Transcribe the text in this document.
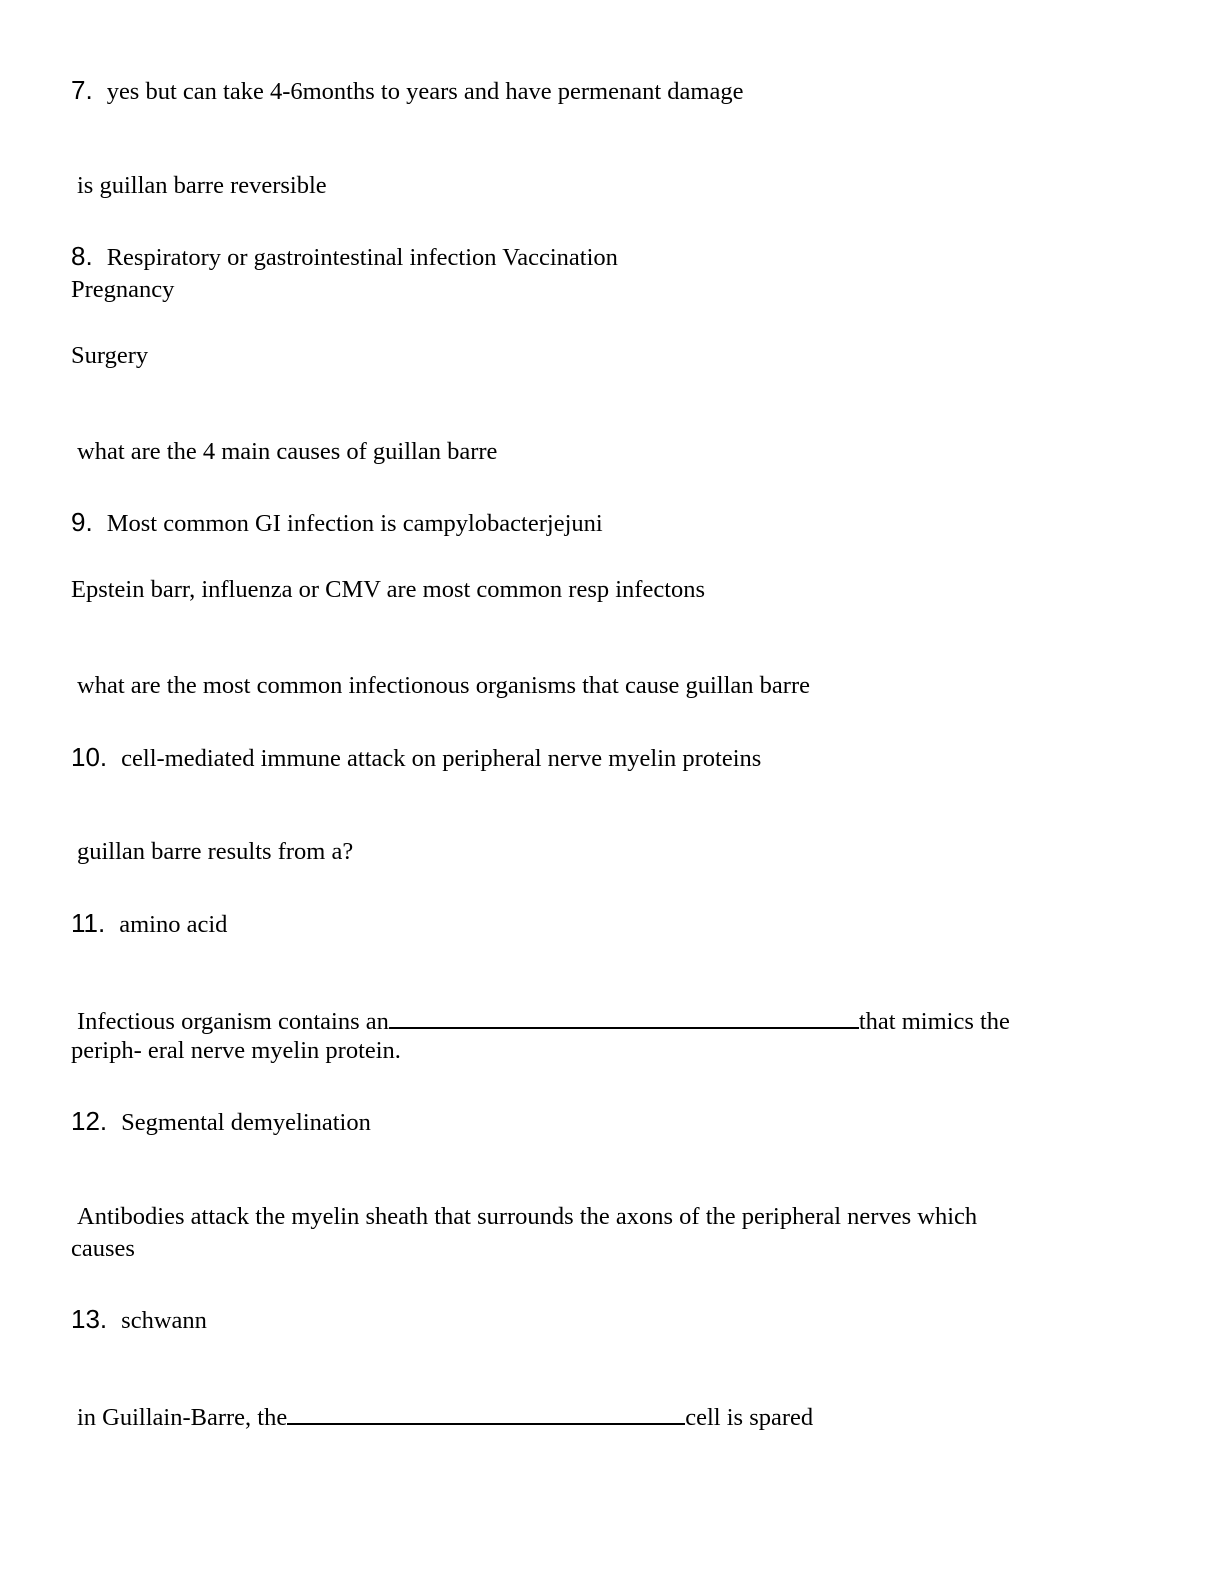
7. yes but can take 4-6months to years and have permenant damage
is guillan barre reversible
8. Respiratory or gastrointestinal infection Vaccination
Pregnancy
Surgery
what are the 4 main causes of guillan barre
9. Most common GI infection is campylobacterjejuni
Epstein barr, influenza or CMV are most common resp infectons
what are the most common infectionous organisms that cause guillan barre
10. cell-mediated immune attack on peripheral nerve myelin proteins
guillan barre results from a?
11. amino acid
Infectious organism contains an	that mimics the
periph- eral nerve myelin protein.
12. Segmental demyelination
Antibodies attack the myelin sheath that surrounds the axons of the peripheral nerves which
causes
13. schwann
in Guillain-Barre, the	cell is spared
